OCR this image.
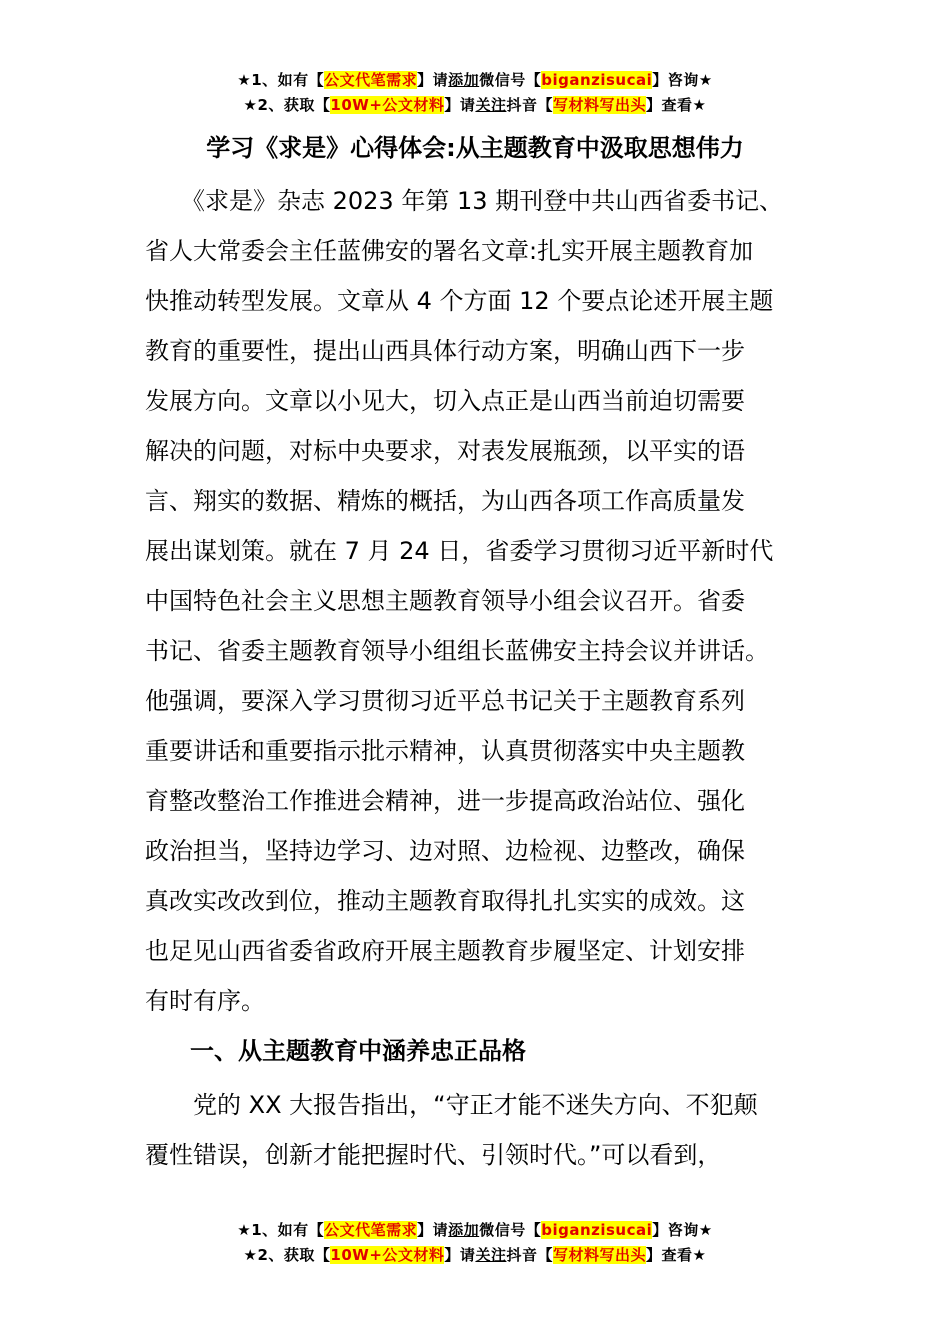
★1、如有【公文代笔需求】请添加微信号【biganzisucai】咨询★
★2、获取【10W+公文材料】请关注抖音【写材料写出头】查看★
学习《求是》心得体会:从主题教育中汲取思想伟力
　　《求是》杂志 2023 年第 13 期刊登中共山西省委书记、
省人大常委会主任蓝佛安的署名文章:扎实开展主题教育加
快推动转型发展。文章从 4 个方面 12 个要点论述开展主题
教育的重要性，提出山西具体行动方案，明确山西下一步
发展方向。文章以小见大，切入点正是山西当前迫切需要
解决的问题，对标中央要求，对表发展瓶颈，以平实的语
言、翔实的数据、精炼的概括，为山西各项工作高质量发
展出谋划策。就在 7 月 24 日，省委学习贯彻习近平新时代
中国特色社会主义思想主题教育领导小组会议召开。省委
书记、省委主题教育领导小组组长蓝佛安主持会议并讲话。
他强调，要深入学习贯彻习近平总书记关于主题教育系列
重要讲话和重要指示批示精神，认真贯彻落实中央主题教
育整改整治工作推进会精神，进一步提高政治站位、强化
政治担当，坚持边学习、边对照、边检视、边整改，确保
真改实改改到位，推动主题教育取得扎扎实实的成效。这
也足见山西省委省政府开展主题教育步履坚定、计划安排
有时有序。
一、从主题教育中涵养忠正品格
　　党的 XX 大报告指出，“守正才能不迷失方向、不犯颠
覆性错误，创新才能把握时代、引领时代。”可以看到，
★1、如有【公文代笔需求】请添加微信号【biganzisucai】咨询★
★2、获取【10W+公文材料】请关注抖音【写材料写出头】查看★
